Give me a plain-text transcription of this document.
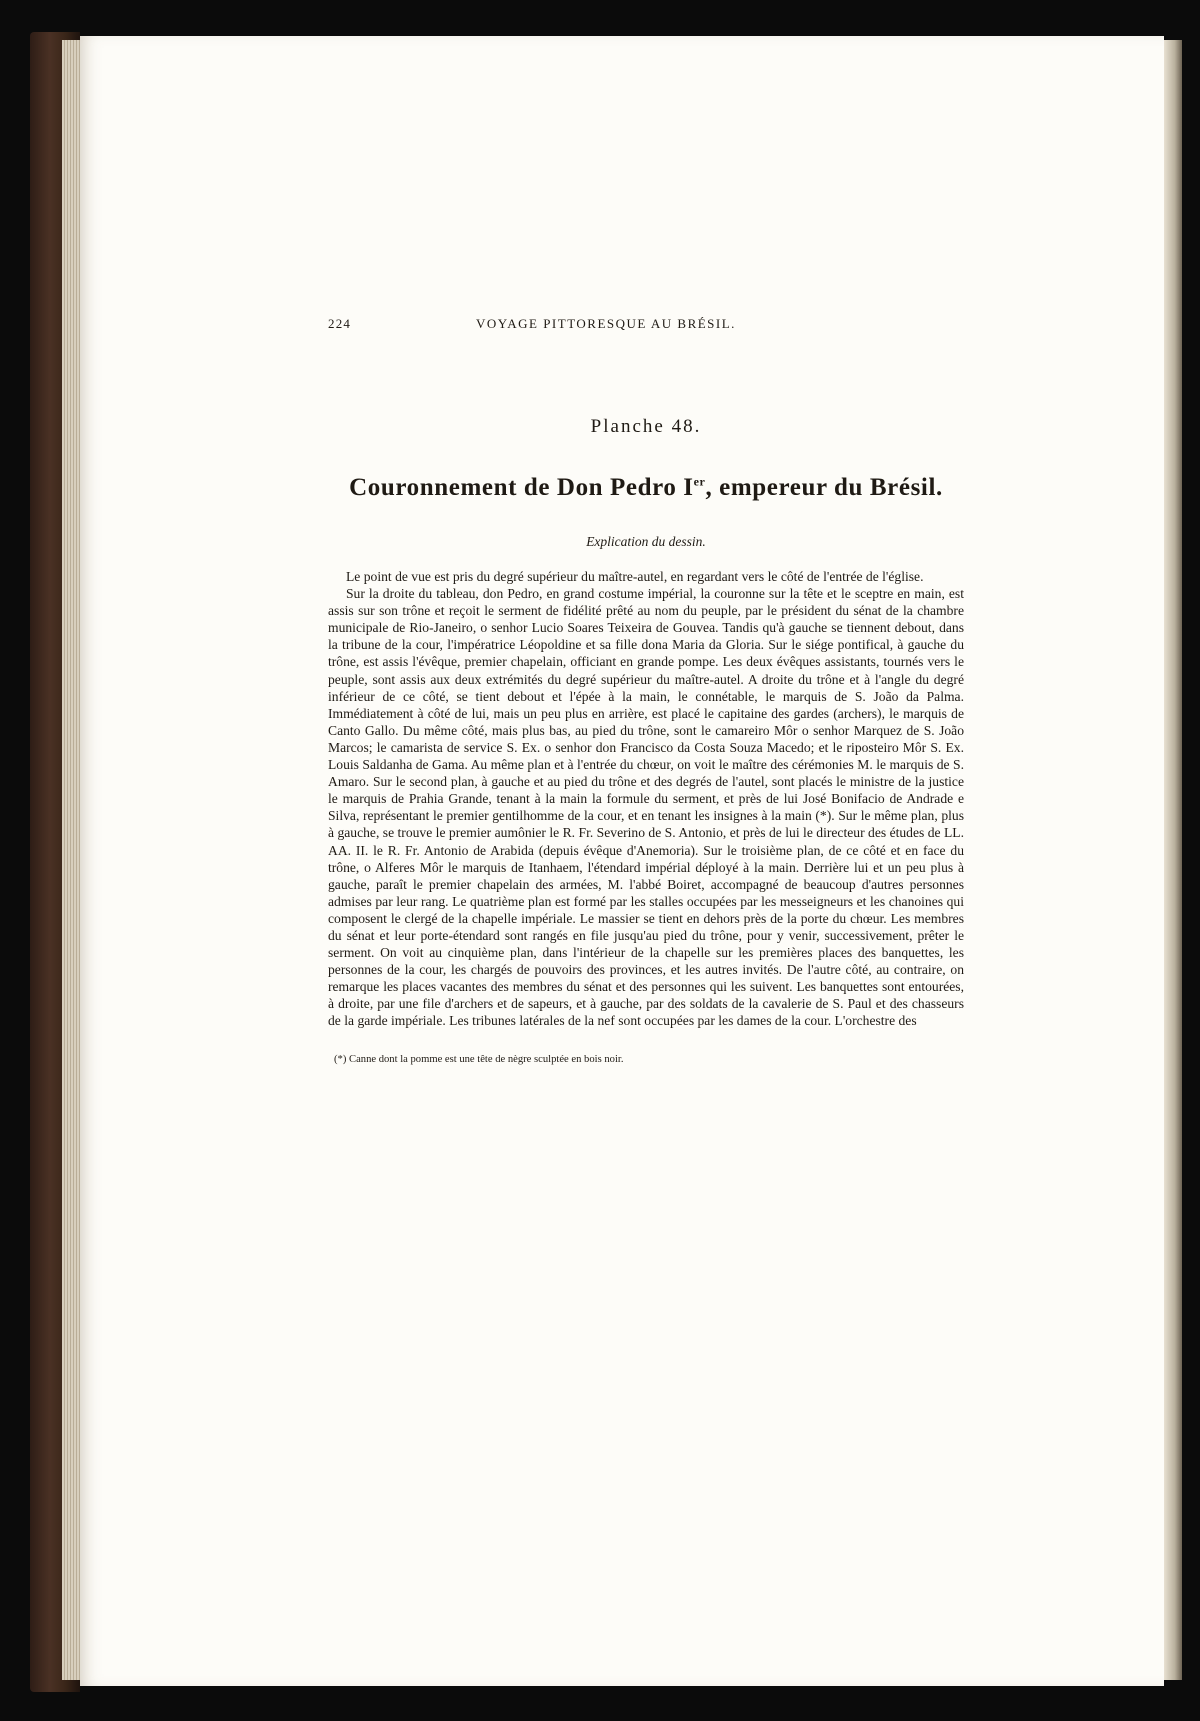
224	VOYAGE PITTORESQUE AU BRÉSIL.
Planche 48.
Couronnement de Don Pedro Ier, empereur du Brésil.
Explication du dessin.

Le point de vue est pris du degré supérieur du maître-autel, en regardant vers le côté de l'entrée de l'église.

Sur la droite du tableau, don Pedro, en grand costume impérial, la couronne sur la tête et le sceptre en main, est assis sur son trône et reçoit le serment de fidélité prêté au nom du peuple, par le président du sénat de la chambre municipale de Rio-Janeiro, o senhor Lucio Soares Teixeira de Gouvea. Tandis qu'à gauche se tiennent debout, dans la tribune de la cour, l'impératrice Léopoldine et sa fille dona Maria da Gloria. Sur le siége pontifical, à gauche du trône, est assis l'évêque, premier chapelain, officiant en grande pompe. Les deux évêques assistants, tournés vers le peuple, sont assis aux deux extrémités du degré supérieur du maître-autel. A droite du trône et à l'angle du degré inférieur de ce côté, se tient debout et l'épée à la main, le connétable, le marquis de S. João da Palma. Immédiatement à côté de lui, mais un peu plus en arrière, est placé le capitaine des gardes (archers), le marquis de Canto Gallo. Du même côté, mais plus bas, au pied du trône, sont le camareiro Môr o senhor Marquez de S. João Marcos; le camarista de service S. Ex. o senhor don Francisco da Costa Souza Macedo; et le riposteiro Môr S. Ex. Louis Saldanha de Gama. Au même plan et à l'entrée du chœur, on voit le maître des cérémonies M. le marquis de S. Amaro. Sur le second plan, à gauche et au pied du trône et des degrés de l'autel, sont placés le ministre de la justice le marquis de Prahia Grande, tenant à la main la formule du serment, et près de lui José Bonifacio de Andrade e Silva, représentant le premier gentilhomme de la cour, et en tenant les insignes à la main (*). Sur le même plan, plus à gauche, se trouve le premier aumônier le R. Fr. Severino de S. Antonio, et près de lui le directeur des études de LL. AA. II. le R. Fr. Antonio de Arabida (depuis évêque d'Anemoria). Sur le troisième plan, de ce côté et en face du trône, o Alferes Môr le marquis de Itanhaem, l'étendard impérial déployé à la main. Derrière lui et un peu plus à gauche, paraît le premier chapelain des armées, M. l'abbé Boiret, accompagné de beaucoup d'autres personnes admises par leur rang. Le quatrième plan est formé par les stalles occupées par les messeigneurs et les chanoines qui composent le clergé de la chapelle impériale. Le massier se tient en dehors près de la porte du chœur. Les membres du sénat et leur porte-étendard sont rangés en file jusqu'au pied du trône, pour y venir, successivement, prêter le serment. On voit au cinquième plan, dans l'intérieur de la chapelle sur les premières places des banquettes, les personnes de la cour, les chargés de pouvoirs des provinces, et les autres invités. De l'autre côté, au contraire, on remarque les places vacantes des membres du sénat et des personnes qui les suivent. Les banquettes sont entourées, à droite, par une file d'archers et de sapeurs, et à gauche, par des soldats de la cavalerie de S. Paul et des chasseurs de la garde impériale. Les tribunes latérales de la nef sont occupées par les dames de la cour. L'orchestre des

(*) Canne dont la pomme est une tête de nègre sculptée en bois noir.
